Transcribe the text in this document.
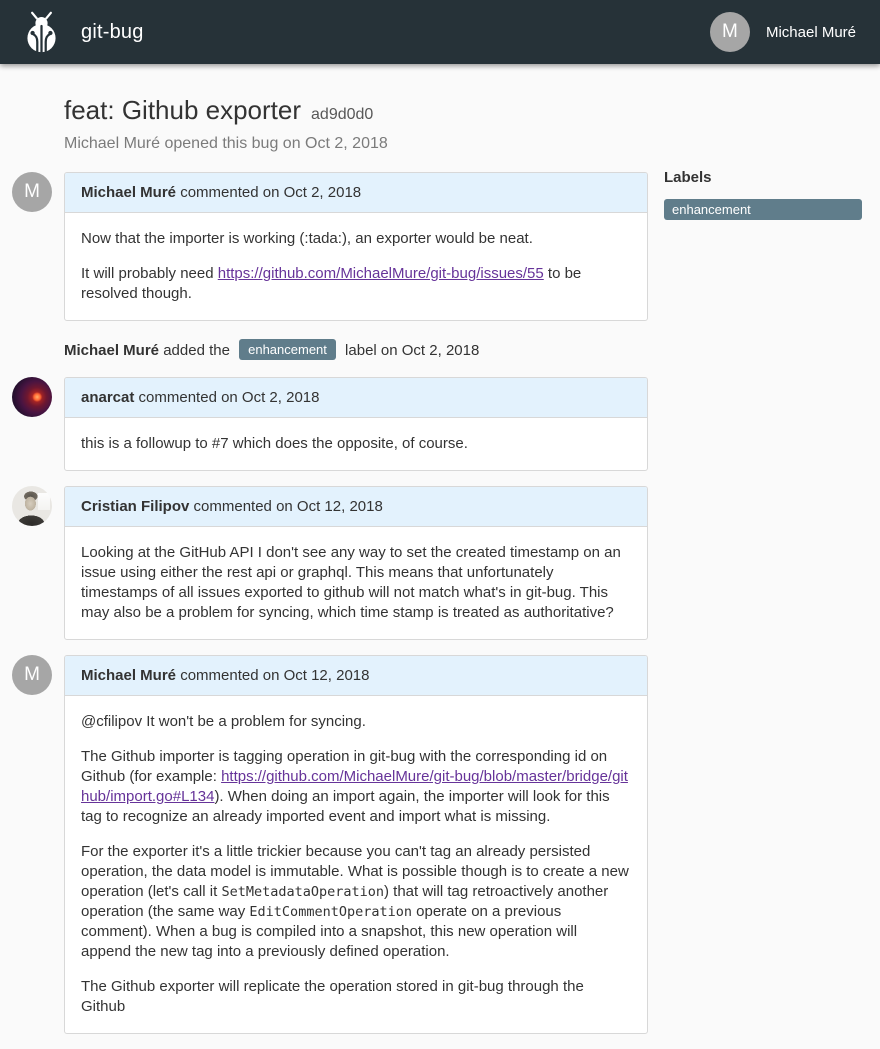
git-bug	M	Michael Muré
feat: Github exporter ad9d0d0
Michael Muré opened this bug on Oct 2, 2018
M	Michael Muré commented on Oct 2, 2018

Now that the importer is working (:tada:), an exporter would be neat.

It will probably need https://github.com/MichaelMure/git-bug/issues/55 to be resolved though.

Michael Muré added the enhancement label on Oct 2, 2018
anarcat commented on Oct 2, 2018

this is a followup to #7 which does the opposite, of course.

Cristian Filipov commented on Oct 12, 2018

Looking at the GitHub API I don't see any way to set the created timestamp on an issue using either the rest api or graphql. This means that unfortunately timestamps of all issues exported to github will not match what's in git-bug. This may also be a problem for syncing, which time stamp is treated as authoritative?

M	Michael Muré commented on Oct 12, 2018

@cfilipov It won't be a problem for syncing.

The Github importer is tagging operation in git-bug with the corresponding id on Github (for example: https://github.com/MichaelMure/git-bug/blob/master/bridge/github/import.go#L134). When doing an import again, the importer will look for this tag to recognize an already imported event and import what is missing.

For the exporter it's a little trickier because you can't tag an already persisted operation, the data model is immutable. What is possible though is to create a new operation (let's call it SetMetadataOperation) that will tag retroactively another operation (the same way EditCommentOperation operate on a previous comment). When a bug is compiled into a snapshot, this new operation will append the new tag into a previously defined operation.

The Github exporter will replicate the operation stored in git-bug through the Github

Labels
enhancement
